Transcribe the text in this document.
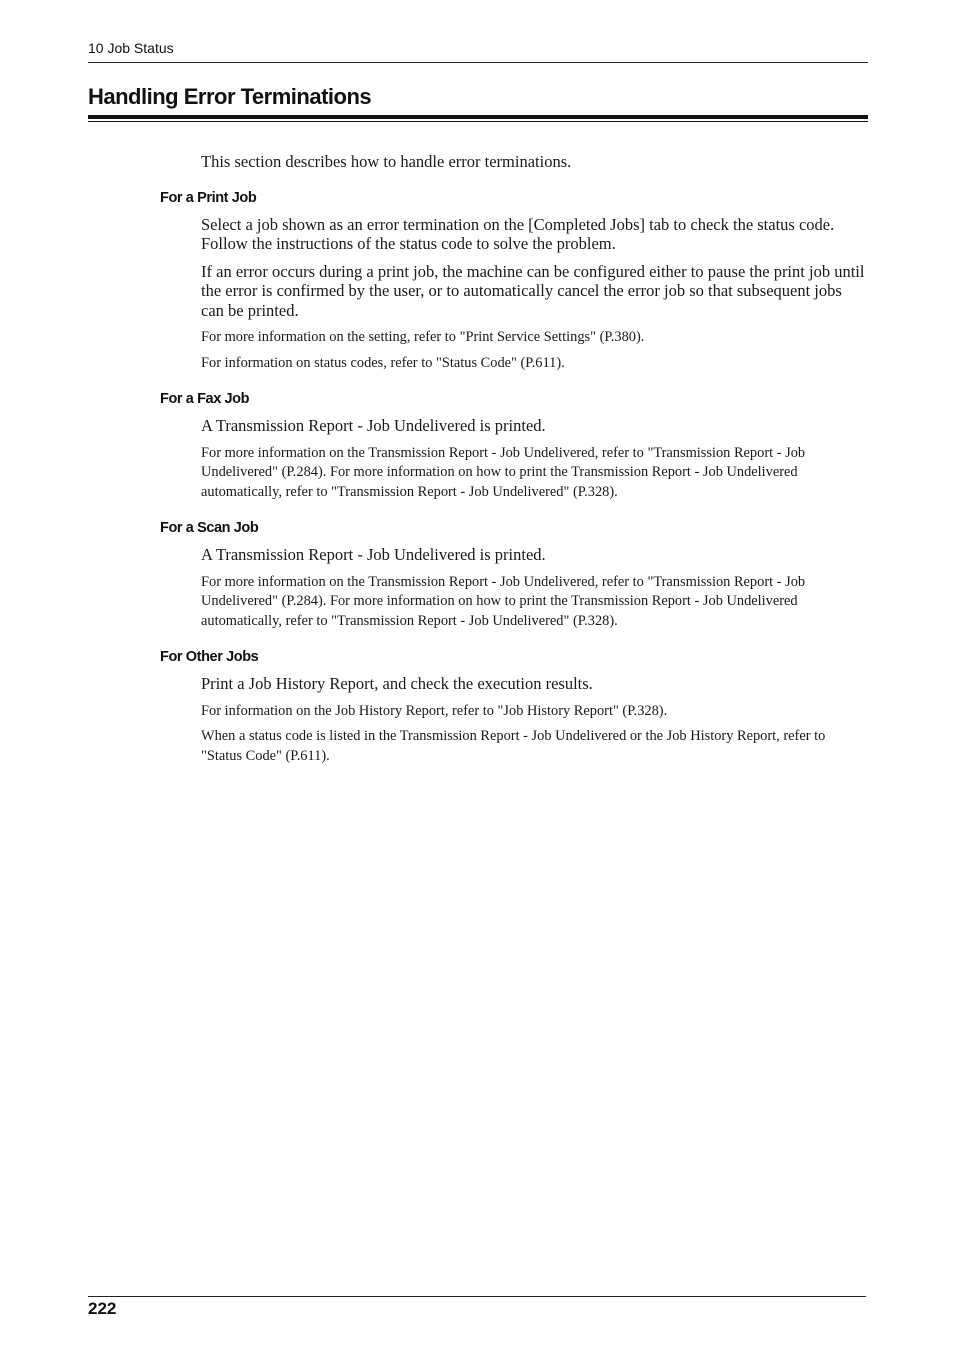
10 Job Status
Handling Error Terminations

This section describes how to handle error terminations.

For a Print Job

Select a job shown as an error termination on the [Completed Jobs] tab to check the status code. Follow the instructions of the status code to solve the problem.

If an error occurs during a print job, the machine can be configured either to pause the print job until the error is confirmed by the user, or to automatically cancel the error job so that subsequent jobs can be printed.

For more information on the setting, refer to "Print Service Settings" (P.380).

For information on status codes, refer to "Status Code" (P.611).

For a Fax Job

A Transmission Report - Job Undelivered is printed.

For more information on the Transmission Report - Job Undelivered, refer to "Transmission Report - Job Undelivered" (P.284). For more information on how to print the Transmission Report - Job Undelivered automatically, refer to "Transmission Report - Job Undelivered" (P.328).

For a Scan Job

A Transmission Report - Job Undelivered is printed.

For more information on the Transmission Report - Job Undelivered, refer to "Transmission Report - Job Undelivered" (P.284). For more information on how to print the Transmission Report - Job Undelivered automatically, refer to "Transmission Report - Job Undelivered" (P.328).

For Other Jobs

Print a Job History Report, and check the execution results.

For information on the Job History Report, refer to "Job History Report" (P.328).

When a status code is listed in the Transmission Report - Job Undelivered or the Job History Report, refer to "Status Code" (P.611).

222
